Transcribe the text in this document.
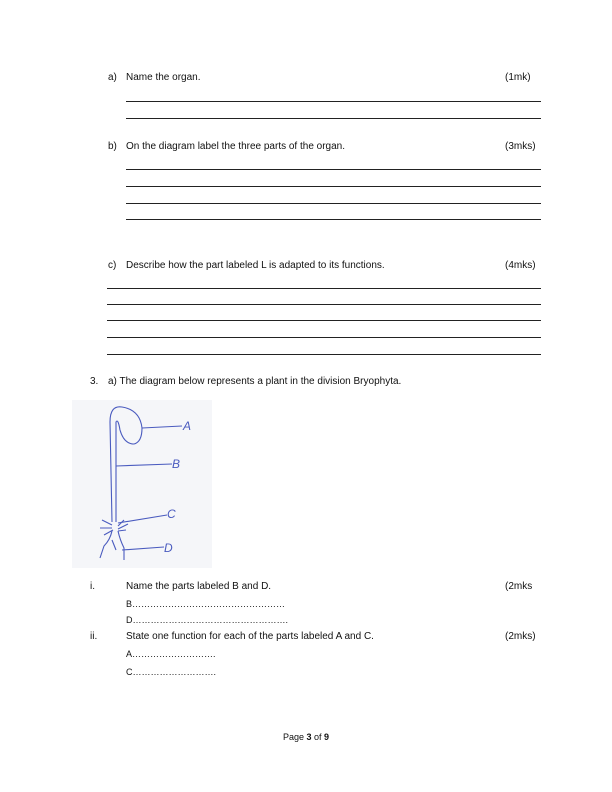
a) Name the organ.	(1mk)
b) On the diagram label the three parts of the organ.	(3mks)
c) Describe how the part labeled L is adapted to its functions.	(4mks)
3. a) The diagram below represents a plant in the division Bryophyta.
A
B
C
D
i.	Name the parts labeled B and D.	(2mks
B……………………………………………
D…………………………………………….
ii.	State one function for each of the parts labeled A and C.	(2mks)
A……………………….
C……………………….
Page 3 of 9
